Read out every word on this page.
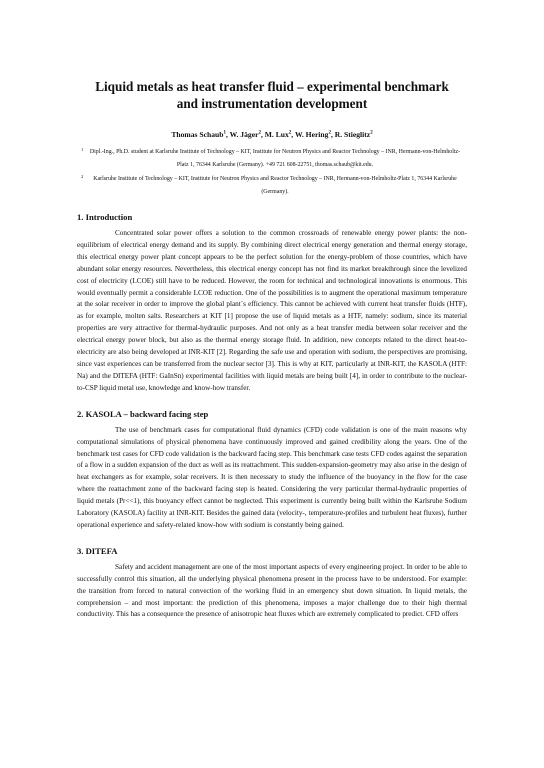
Liquid metals as heat transfer fluid – experimental benchmark and instrumentation development
Thomas Schaub$^1$, W. Jäger$^2$, M. Lux$^2$, W. Hering$^2$, R. Stieglitz$^2$
1 Dipl.-Ing., Ph.D. student at Karlsruhe Institute of Technology – KIT, Institute for Neutron Physics and Reactor Technology – INR, Hermann-von-Helmholtz-Platz 1, 76344 Karlsruhe (Germany). +49 721 608-22751, thomas.schaub@kit.edu.
2 Karlsruhe Institute of Technology – KIT, Institute for Neutron Physics and Reactor Technology – INR, Hermann-von-Helmholtz-Platz 1, 76344 Karlsruhe (Germany).
1. Introduction

Concentrated solar power offers a solution to the common crossroads of renewable energy power plants: the non-equilibrium of electrical energy demand and its supply. By combining direct electrical energy generation and thermal energy storage, this electrical energy power plant concept appears to be the perfect solution for the energy-problem of those countries, which have abundant solar energy resources. Nevertheless, this electrical energy concept has not find its market breakthrough since the levelized cost of electricity (LCOE) still have to be reduced. However, the room for technical and technological innovations is enormous. This would eventually permit a considerable LCOE reduction. One of the possibilities is to augment the operational maximum temperature at the solar receiver in order to improve the global plant´s efficiency. This cannot be achieved with current heat transfer fluids (HTF), as for example, molten salts. Researchers at KIT [1] propose the use of liquid metals as a HTF, namely: sodium, since its material properties are very attractive for thermal-hydraulic purposes. And not only as a heat transfer media between solar receiver and the electrical energy power block, but also as the thermal energy storage fluid. In addition, new concepts related to the direct heat-to-electricity are also being developed at INR-KIT [2]. Regarding the safe use and operation with sodium, the perspectives are promising, since vast experiences can be transferred from the nuclear sector [3]. This is why at KIT, particularly at INR-KIT, the KASOLA (HTF: Na) and the DITEFA (HTF: GaInSn) experimental facilities with liquid metals are being built [4], in order to contribute to the nuclear-to-CSP liquid metal use, knowledge and know-how transfer.

2. KASOLA – backward facing step

The use of benchmark cases for computational fluid dynamics (CFD) code validation is one of the main reasons why computational simulations of physical phenomena have continuously improved and gained credibility along the years. One of the benchmark test cases for CFD code validation is the backward facing step. This benchmark case tests CFD codes against the separation of a flow in a sudden expansion of the duct as well as its reattachment. This sudden-expansion-geometry may also arise in the design of heat exchangers as for example, solar receivers. It is then necessary to study the influence of the buoyancy in the flow for the case where the reattachment zone of the backward facing step is heated. Considering the very particular thermal-hydraulic properties of liquid metals (Pr<<1), this buoyancy effect cannot be neglected. This experiment is currently being built within the Karlsruhe Sodium Laboratory (KASOLA) facility at INR-KIT. Besides the gained data (velocity-, temperature-profiles and turbulent heat fluxes), further operational experience and safety-related know-how with sodium is constantly being gained.

3. DITEFA

Safety and accident management are one of the most important aspects of every engineering project. In order to be able to successfully control this situation, all the underlying physical phenomena present in the process have to be understood. For example: the transition from forced to natural convection of the working fluid in an emergency shut down situation. In liquid metals, the comprehension – and most important: the prediction of this phenomena, imposes a major challenge due to their high thermal conductivity. This has a consequence the presence of anisotropic heat fluxes which are extremely complicated to predict. CFD offers
